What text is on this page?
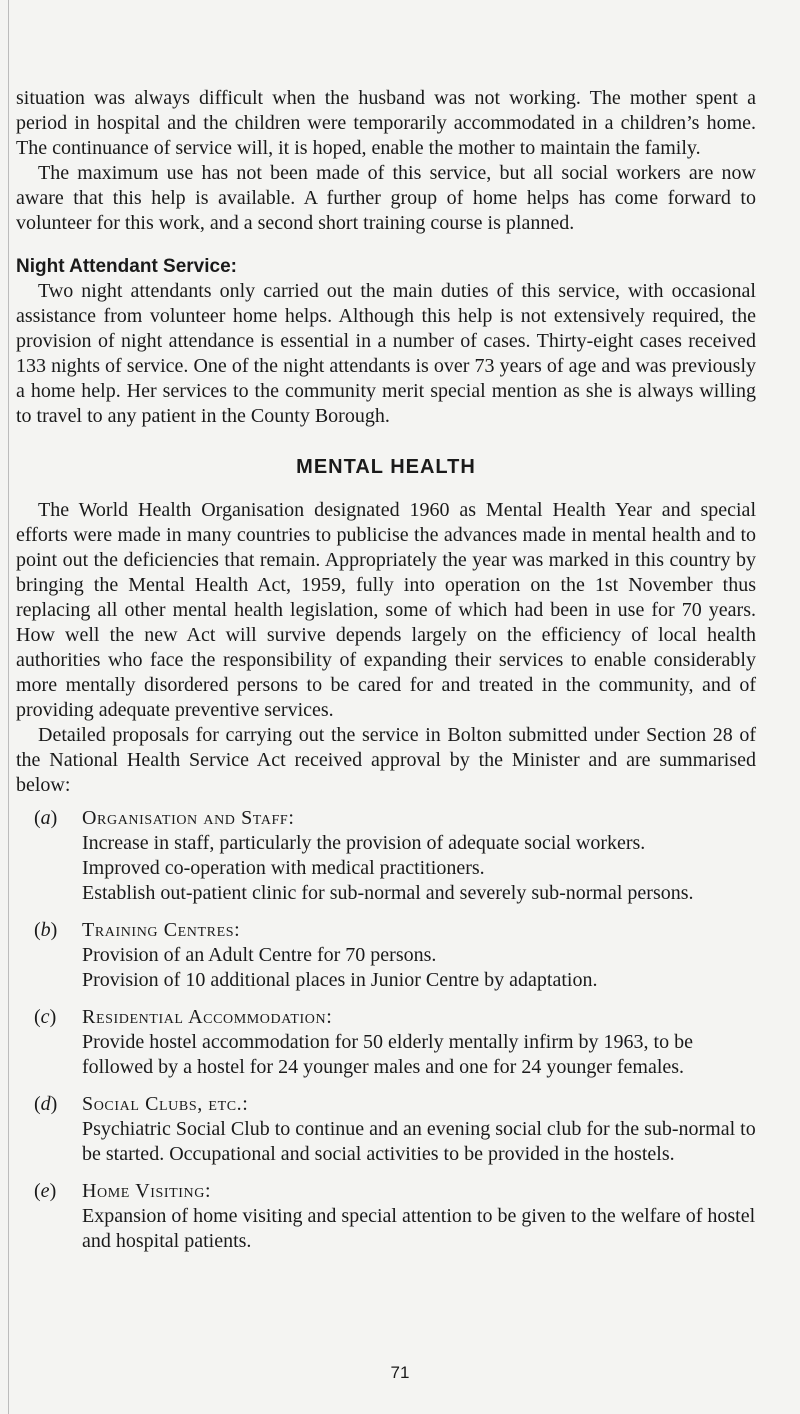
situation was always difficult when the husband was not working. The mother spent a period in hospital and the children were temporarily accommodated in a children’s home. The continuance of service will, it is hoped, enable the mother to maintain the family.

The maximum use has not been made of this service, but all social workers are now aware that this help is available. A further group of home helps has come forward to volunteer for this work, and a second short training course is planned.

Night Attendant Service:

Two night attendants only carried out the main duties of this service, with occasional assistance from volunteer home helps. Although this help is not extensively required, the provision of night attendance is essential in a number of cases. Thirty-eight cases received 133 nights of service. One of the night attendants is over 73 years of age and was previously a home help. Her services to the community merit special mention as she is always willing to travel to any patient in the County Borough.

MENTAL HEALTH

The World Health Organisation designated 1960 as Mental Health Year and special efforts were made in many countries to publicise the advances made in mental health and to point out the deficiencies that remain. Appropriately the year was marked in this country by bringing the Mental Health Act, 1959, fully into operation on the 1st November thus replacing all other mental health legislation, some of which had been in use for 70 years. How well the new Act will survive depends largely on the efficiency of local health authorities who face the responsibility of expanding their services to enable considerably more mentally disordered persons to be cared for and treated in the community, and of providing adequate preventive services.

Detailed proposals for carrying out the service in Bolton submitted under Section 28 of the National Health Service Act received approval by the Minister and are summarised below:

(a) Organisation and Staff:
Increase in staff, particularly the provision of adequate social workers.
Improved co-operation with medical practitioners.
Establish out-patient clinic for sub-normal and severely sub-normal persons.
(b) Training Centres:
Provision of an Adult Centre for 70 persons.
Provision of 10 additional places in Junior Centre by adaptation.
(c) Residential Accommodation:
Provide hostel accommodation for 50 elderly mentally infirm by 1963, to be followed by a hostel for 24 younger males and one for 24 younger females.
(d) Social Clubs, etc.:
Psychiatric Social Club to continue and an evening social club for the sub-normal to be started. Occupational and social activities to be provided in the hostels.
(e) Home Visiting:
Expansion of home visiting and special attention to be given to the welfare of hostel and hospital patients.
71
